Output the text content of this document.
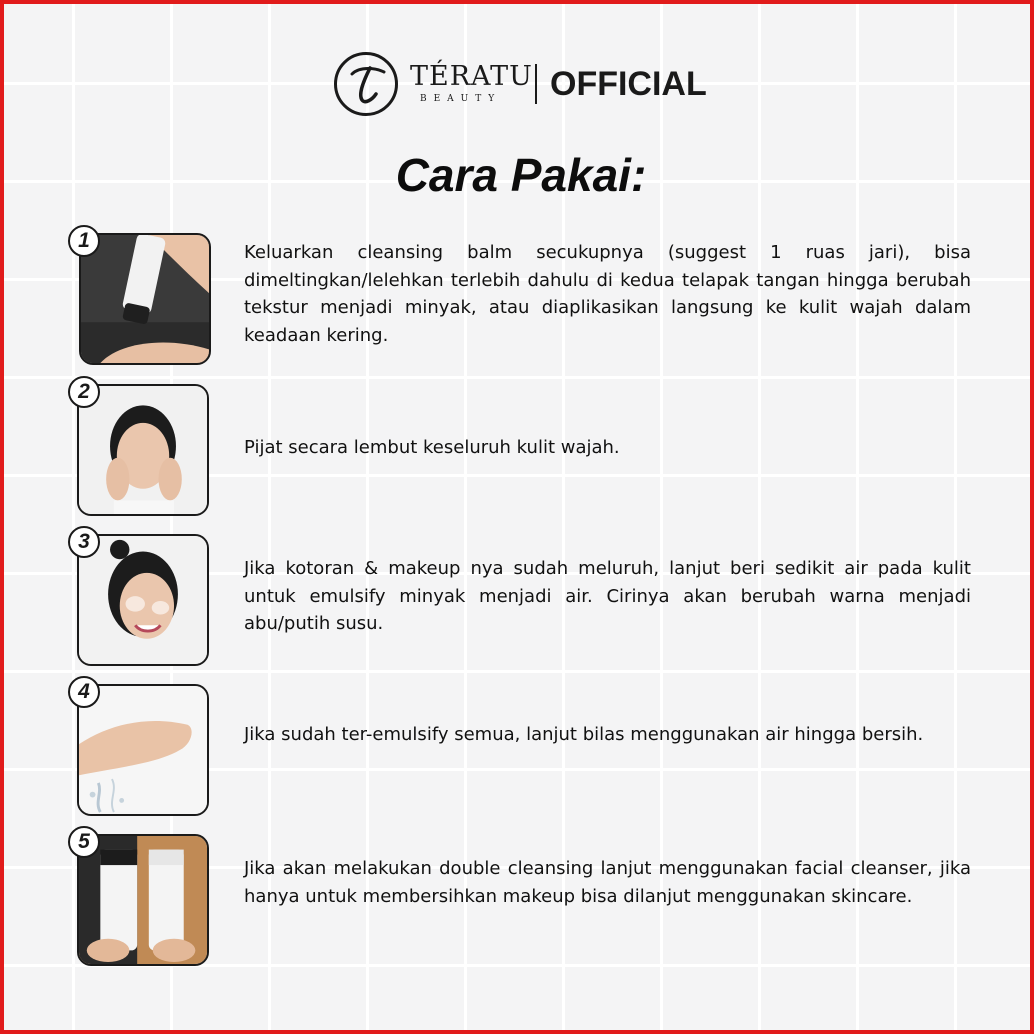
TÉRATU
BEAUTY OFFICIAL
Cara Pakai:
1
Keluarkan cleansing balm secukupnya (suggest 1 ruas jari), bisa dimeltingkan/lelehkan terlebih dahulu di kedua telapak tangan hingga berubah tekstur menjadi minyak, atau diaplikasikan langsung ke kulit wajah dalam keadaan kering.
2
Pijat secara lembut keseluruh kulit wajah.
3
Jika kotoran & makeup nya sudah meluruh, lanjut beri sedikit air pada kulit untuk emulsify minyak menjadi air. Cirinya akan berubah warna menjadi abu/putih susu.
4
Jika sudah ter-emulsify semua, lanjut bilas menggunakan air hingga bersih.
5
Jika akan melakukan double cleansing lanjut menggunakan facial cleanser, jika hanya untuk membersihkan makeup bisa dilanjut menggunakan skincare.
